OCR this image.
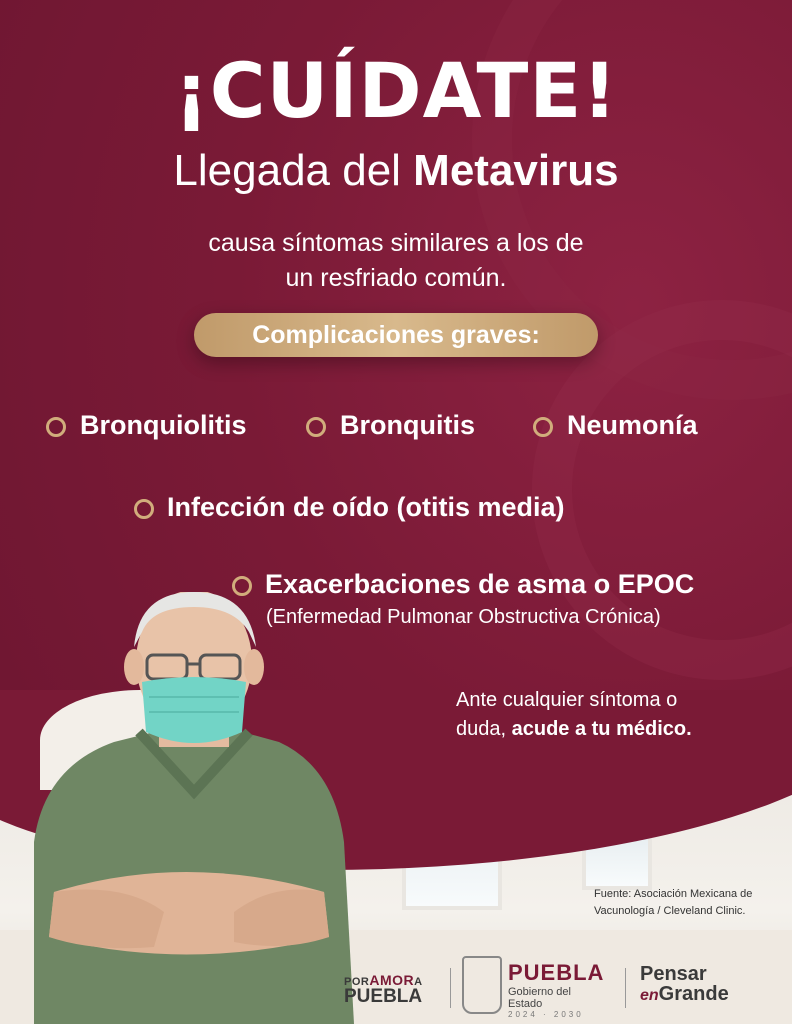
¡CUÍDATE!
Llegada del Metavirus
causa síntomas similares a los de
un resfriado común.
Complicaciones graves:
Bronquiolitis	Bronquitis	Neumonía
Infección de oído (otitis media)
Exacerbaciones de asma o EPOC
(Enfermedad Pulmonar Obstructiva Crónica)
Ante cualquier síntoma o
duda, acude a tu médico.
Fuente: Asociación Mexicana de
Vacunología / Cleveland Clinic.
PORAMORA
PUEBLA
PUEBLA
Gobierno del Estado
2024 · 2030
Pensar
enGrande
